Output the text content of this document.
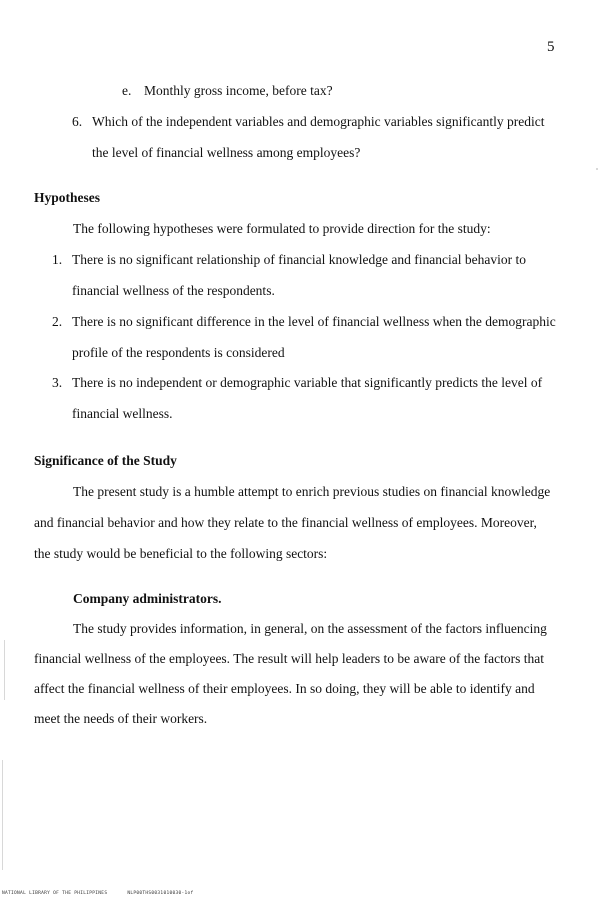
5
e. Monthly gross income, before tax?
6. Which of the independent variables and demographic variables significantly predict
the level of financial wellness among employees?
Hypotheses
The following hypotheses were formulated to provide direction for the study:
1. There is no significant relationship of financial knowledge and financial behavior to
financial wellness of the respondents.
2. There is no significant difference in the level of financial wellness when the demographic
profile of the respondents is considered
3. There is no independent or demographic variable that significantly predicts the level of
financial wellness.
Significance of the Study
The present study is a humble attempt to enrich previous studies on financial knowledge
and financial behavior and how they relate to the financial wellness of employees. Moreover,
the study would be beneficial to the following sectors:
Company administrators.
The study provides information, in general, on the assessment of the factors influencing
financial wellness of the employees. The result will help leaders to be aware of the factors that
affect the financial wellness of their employees. In so doing, they will be able to identify and
meet the needs of their workers.
NATIONAL LIBRARY OF THE PHILIPPINES	NLP00THS0031010030-1of
